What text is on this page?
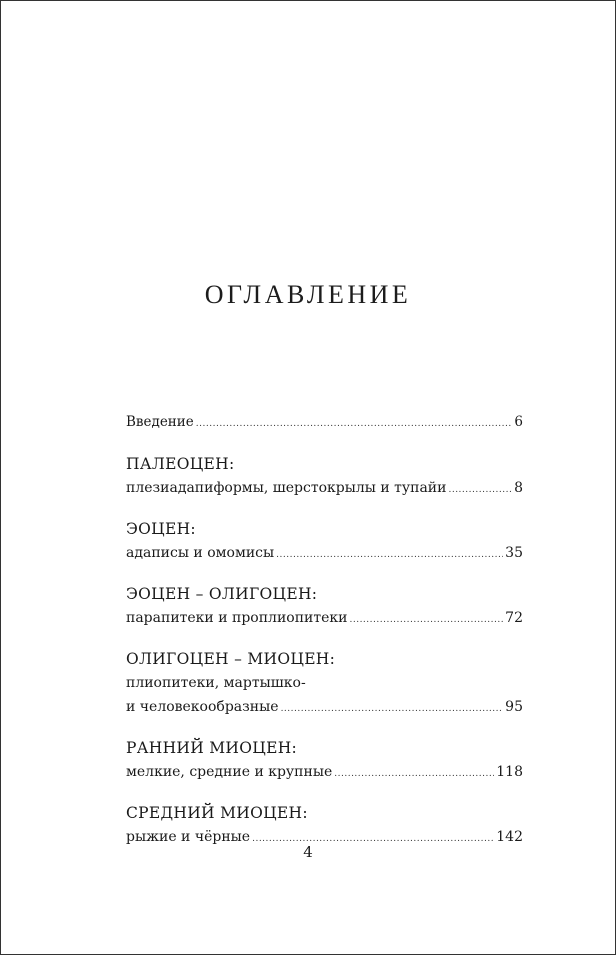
ОГЛАВЛЕНИЕ
Введение .....	6
ПАЛЕОЦЕН:
плезиадапиформы, шерстокрылы и тупайи .....	8
ЭОЦЕН:
адаписы и омомисы .....	35
ЭОЦЕН – ОЛИГОЦЕН:
парапитеки и проплиопитеки .....	72
ОЛИГОЦЕН – МИОЦЕН:
плиопитеки, мартышко-
и человекообразные .....	95
РАННИЙ МИОЦЕН:
мелкие, средние и крупные .....	118
СРЕДНИЙ МИОЦЕН:
рыжие и чёрные .....	142
4
